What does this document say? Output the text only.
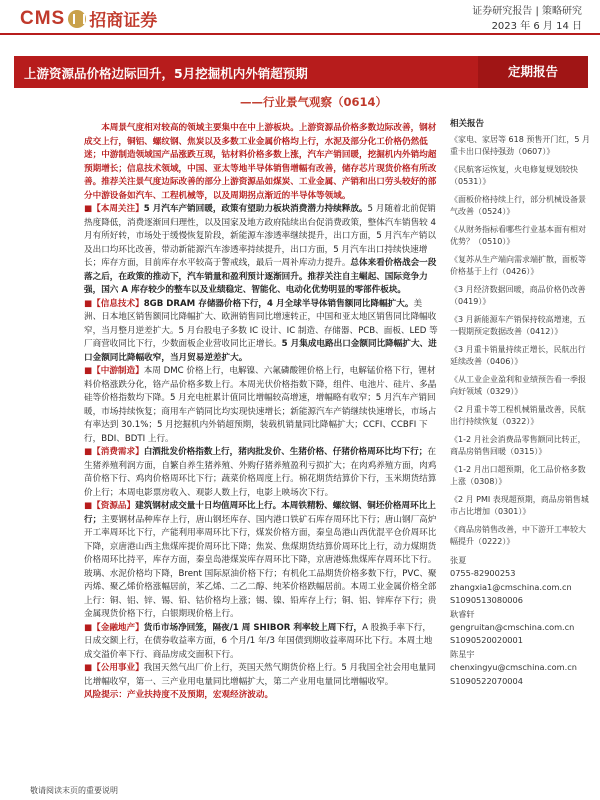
CMS 招商证券	证券研究报告 | 策略研究
2023 年 6 月 14 日
上游资源品价格边际回升，5月挖掘机内外销超预期	定期报告
——行业景气观察（0614）

本周景气度相对较高的领域主要集中在中上游板块。上游资源品价格多数边际改善，钢材成交上行，铜铝、螺纹钢、焦炭以及多数工业金属价格均上行，水泥及部分化工价格仍然低迷；中游制造领域国产品涨跌互现，钴材料价格多数上涨，汽车产销回暖，挖掘机内外销均超预期增长；信息技术领域，中国、亚太等地半导体销售增幅有改善，储存芯片现货价格有所改善。推荐关注景气度边际改善的部分上游资源品如煤炭、工业金属、产销和出口劳头较好的部分中游设备如汽车、工程机械等，以及周期拐点渐近的半导体等领域。

■【本周关注】5 月汽车产销回暖，政策有望助力板块消费潜力持续释放。5 月随着北前促销热度降低，消费逐渐回归理性，以及国家及地方政府陆续出台促消费政策，整体汽车销售较 4 月有所好转，市场处于缓慢恢复阶段，新能源车渗透率继续提升，出口方面，5 月汽车产销以及出口均环比改善，带动新能源汽车渗透率持续提升，出口方面，5 月汽车出口持续快速增长；库存方面，目前库存水平较高于警戒线，最后一周补库动力提升。总体来看价格战会一段落之后，在政策的推动下，汽车销量和盈利预计逐渐回升。推荐关注自主崛起、国际竞争力强，国六 A 库存较少的整车以及业绩稳定、智能化、电动化优势明显的零部件板块。

■【信息技术】8GB DRAM 存储器价格下行，4 月全球半导体销售额同比降幅扩大。美洲、日本地区销售额同比降幅扩大、欧洲销售同比增速转正，中国和亚太地区销售同比降幅收窄，当月整月逆差扩大。5 月台股电子多数 IC 设计、IC 制造、存储器、PCB、面板、LED 等厂商营收同比下行，少数面板企业营收同比正增长。5 月集成电路出口金额同比降幅扩大、进口金额同比降幅收窄，当月贸易逆差扩大。

■【中游制造】本周 DMC 价格上行，电解镍、六氟磷酸锂价格上行，电解锰价格下行，锂材料价格涨跌分化，铬产品价格多数上行。本周光伏价格指数下降，组件、电池片、硅片、多晶硅等价格指数均下降。5 月充电桩累计值同比增幅较高增速，增幅略有收窄；5 月汽车产销回暖，市场持续恢复；商用车产销同比均实现快速增长；新能源汽车产销继续快速增长，市场占有率达到 30.1%；5 月挖掘机内外销超预期，装载机销量同比降幅扩大；CCFI、CCBFI 下行，BDI、BDTI 上行。

■【消费需求】白酒批发价格指数上行，猪肉批发价、生猪价格、仔猪价格周环比均下行；在生猪养殖利润方面，自繁自养生猪养殖、外购仔猪养殖盈利亏损扩大；在肉鸡养殖方面，肉鸡苗价格下行、鸡肉价格周环比下行；蔬菜价格周度上行。棉花期货结算价下行，玉米期货结算价上行；本周电影票房收入、观影人数上行，电影上映场次下行。

■【资源品】建筑钢材成交量十日均值周环比上行。本周铁精粉、螺纹钢、铜坯价格周环比上行；主要钢材品种库存上行，唐山钢坯库存、国内港口铁矿石库存周环比下行；唐山钢厂高炉开工率周环比下行，产能利用率周环比下行，煤炭价格方面，秦皇岛港山西优混平仓价周环比下降，京唐港山西主焦煤库提价周环比下降；焦炭、焦煤期货结算价周环比上行，动力煤期货价格周环比持平，库存方面，秦皇岛港煤炭库存周环比下降，京唐港炼焦煤库存周环比下行。玻璃、水泥价格均下降，Brent 国际原油价格下行；有机化工品期货价格多数下行，PVC、聚丙烯、聚乙烯价格涨幅居前，苯乙烯、二乙二醇、纯苯价格跌幅居前。本周工业金属价格全部上行：铜、铝、锌、锡、铅、钴价格均上涨；锡、镍、铅库存上行；铜、铝、锌库存下行；贵金属现货价格下行，白银期现价格上行。

■【金融地产】货币市场净回笼，隔夜/1 周 SHIBOR 利率较上周下行，A 股换手率下行，日成交额上行，在债券收益率方面，6 个月/1 年/3 年国债到期收益率周环比下行。本周土地成交溢价率下行、商品房成交面积下行。

■【公用事业】我国天然气出厂价上行，英国天然气期货价格上行。5 月我国全社会用电量同比增幅收窄，第一、三产业用电量同比增幅扩大，第二产业用电量同比增幅收窄。

风险提示：产业扶持度不及预期，宏观经济波动。

相关报告
《家电、家居等 618 预售开门红，5 月重卡出口保持强劲（0607）》
《民航客运恢复，火电修复规划较快（0531）》
《面板价格持续上行，部分机械设备景气改善（0524）》
《从财务指标看哪些行业基本面有相对优势？（0510）》
《复苏从生产端向需求端扩散，面板等价格基于上行（0426）》
《3 月经济数据回暖，商品价格仍改善（0419）》
《3 月新能源车产销保持较高增速，五一假期预定数据改善（0412）》
《3 月重卡销量持续正增长，民航出行延续改善（0406）》
《从工业企业盈利和业绩预告看一季报向好领域（0329）》
《2 月重卡等工程机械销量改善，民航出行持续恢复（0322）》
《1-2 月社会消费品零售额同比转正，商品房销售回暖（0315）》
《1-2 月出口超预期，化工品价格多数上涨（0308）》
《2 月 PMI 表现超预期，商品房销售城市占比增加（0301）》
《商品房销售改善，中下游开工率较大幅提升（0222）》
张夏
0755-82900253
zhangxia1@cmschina.com.cn
S1090513080006
耿睿轩
gengruitan@cmschina.com.cn
S1090520020001
陈星宇
chenxingyu@cmschina.com.cn
S1090522070004
敬请阅读末页的重要说明
